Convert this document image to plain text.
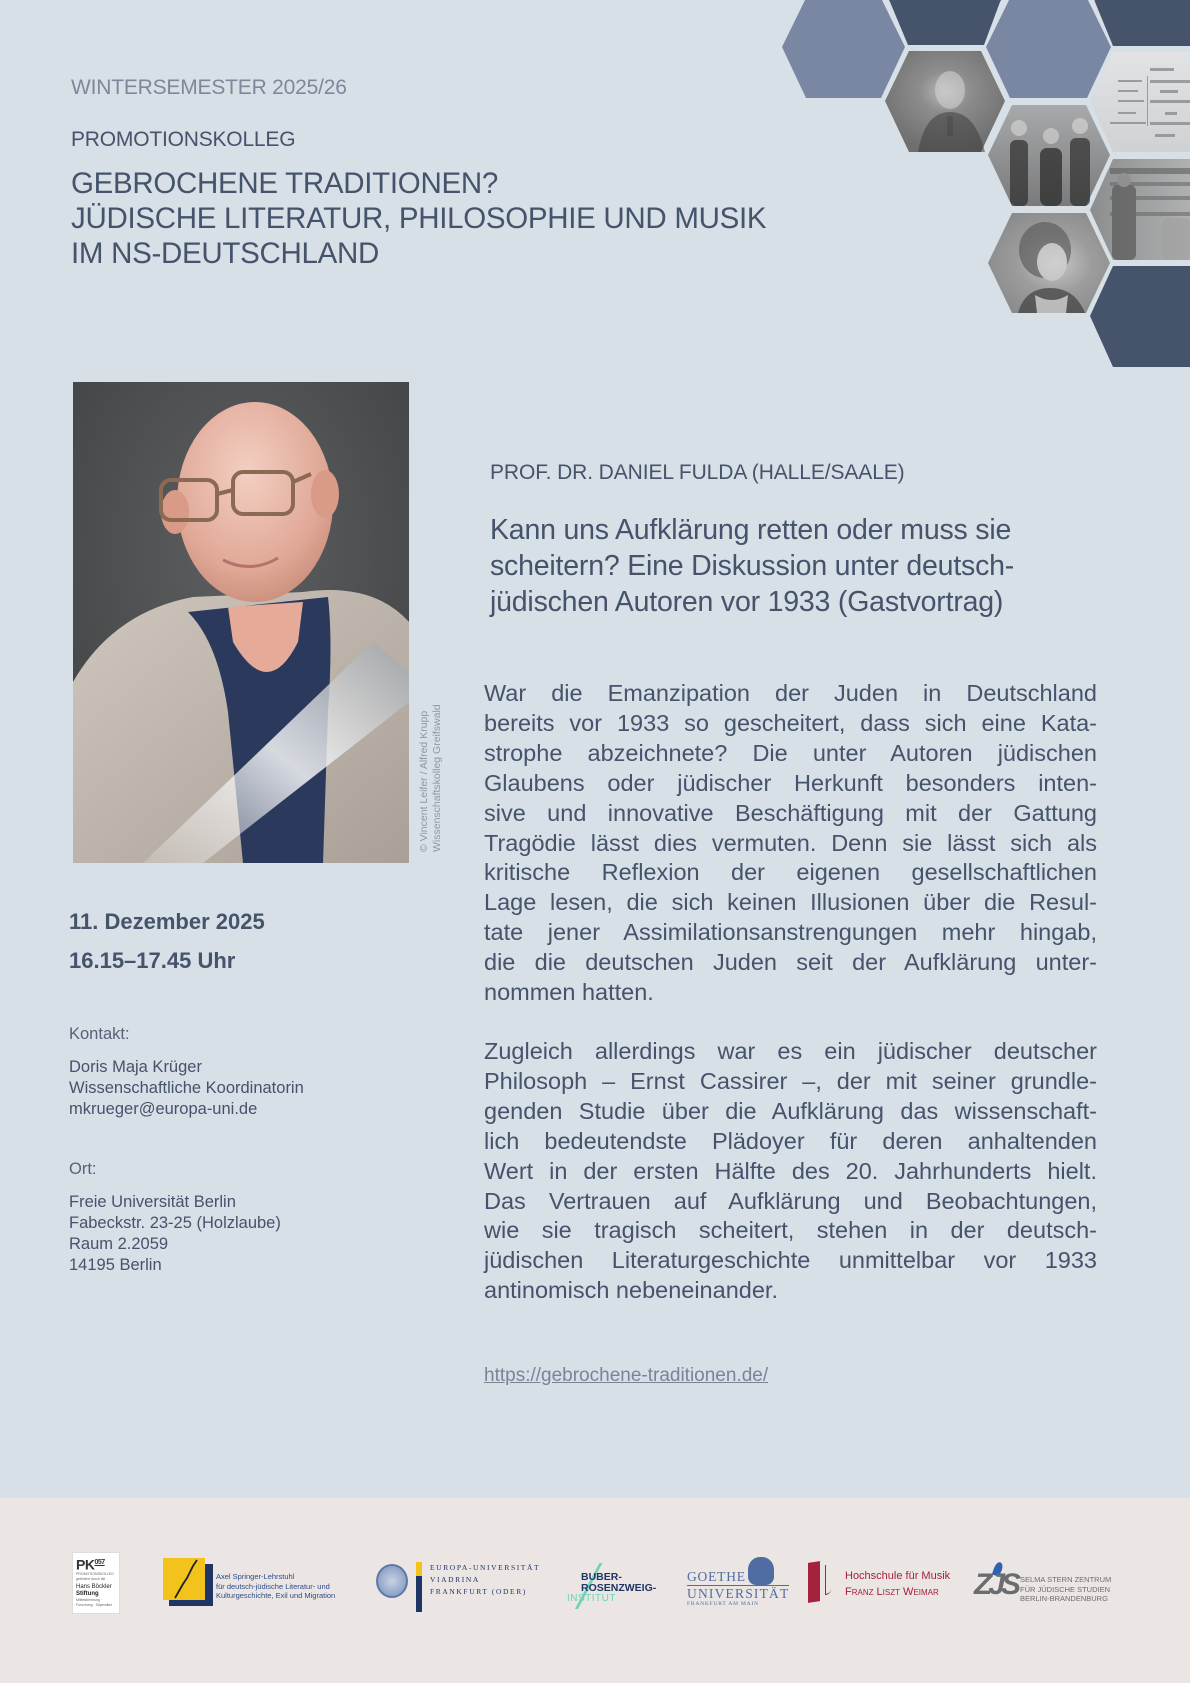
WINTERSEMESTER 2025/26
PROMOTIONSKOLLEG
GEBROCHENE TRADITIONEN?
JÜDISCHE LITERATUR, PHILOSOPHIE UND MUSIK
IM NS-DEUTSCHLAND
© Vincent Leifer / Alfred Krupp Wissenschaftskolleg Greifswald
11. Dezember 2025
16.15–17.45 Uhr
Kontakt:
Doris Maja Krüger
Wissenschaftliche Koordinatorin
mkrueger@europa-uni.de
Ort:
Freie Universität Berlin
Fabeckstr. 23-25 (Holzlaube)
Raum 2.2059
14195 Berlin
PROF. DR. DANIEL FULDA (HALLE/SAALE)
Kann uns Aufklärung retten oder muss sie
scheitern? Eine Diskussion unter deutsch-
jüdischen Autoren vor 1933 (Gastvortrag)
War die Emanzipation der Juden in Deutschland
bereits vor 1933 so gescheitert, dass sich eine Kata-
strophe abzeichnete? Die unter Autoren jüdischen
Glaubens oder jüdischer Herkunft besonders inten-
sive und innovative Beschäftigung mit der Gattung
Tragödie lässt dies vermuten. Denn sie lässt sich als
kritische Reflexion der eigenen gesellschaftlichen
Lage lesen, die sich keinen Illusionen über die Resul-
tate jener Assimilationsanstrengungen mehr hingab,
die die deutschen Juden seit der Aufklärung unter-
nommen hatten.
Zugleich allerdings war es ein jüdischer deutscher
Philosoph – Ernst Cassirer –, der mit seiner grundle-
genden Studie über die Aufklärung das wissenschaft-
lich bedeutendste Plädoyer für deren anhaltenden
Wert in der ersten Hälfte des 20. Jahrhunderts hielt.
Das Vertrauen auf Aufklärung und Beobachtungen,
wie sie tragisch scheitert, stehen in der deutsch-
jüdischen Literaturgeschichte unmittelbar vor 1933
antinomisch nebeneinander.
https://gebrochene-traditionen.de/
PK$^{057}$
PROMOTIONSKOLLEG
gefördert durch die
Hans Böckler
Stiftung
Mitbestimmung · Forschung · Stipendien
Axel Springer-Lehrstuhl
für deutsch-jüdische Literatur- und
Kulturgeschichte, Exil und Migration
EUROPA-UNIVERSITÄT
VIADRINA
FRANKFURT (ODER)
BUBER-
ROSENZWEIG-
INSTITUT
GOETHE
UNIVERSITÄT
FRANKFURT AM MAIN
Hochschule für Musik
Franz Liszt Weimar ZJS SELMA STERN ZENTRUM
FÜR JÜDISCHE STUDIEN
BERLIN-BRANDENBURG
